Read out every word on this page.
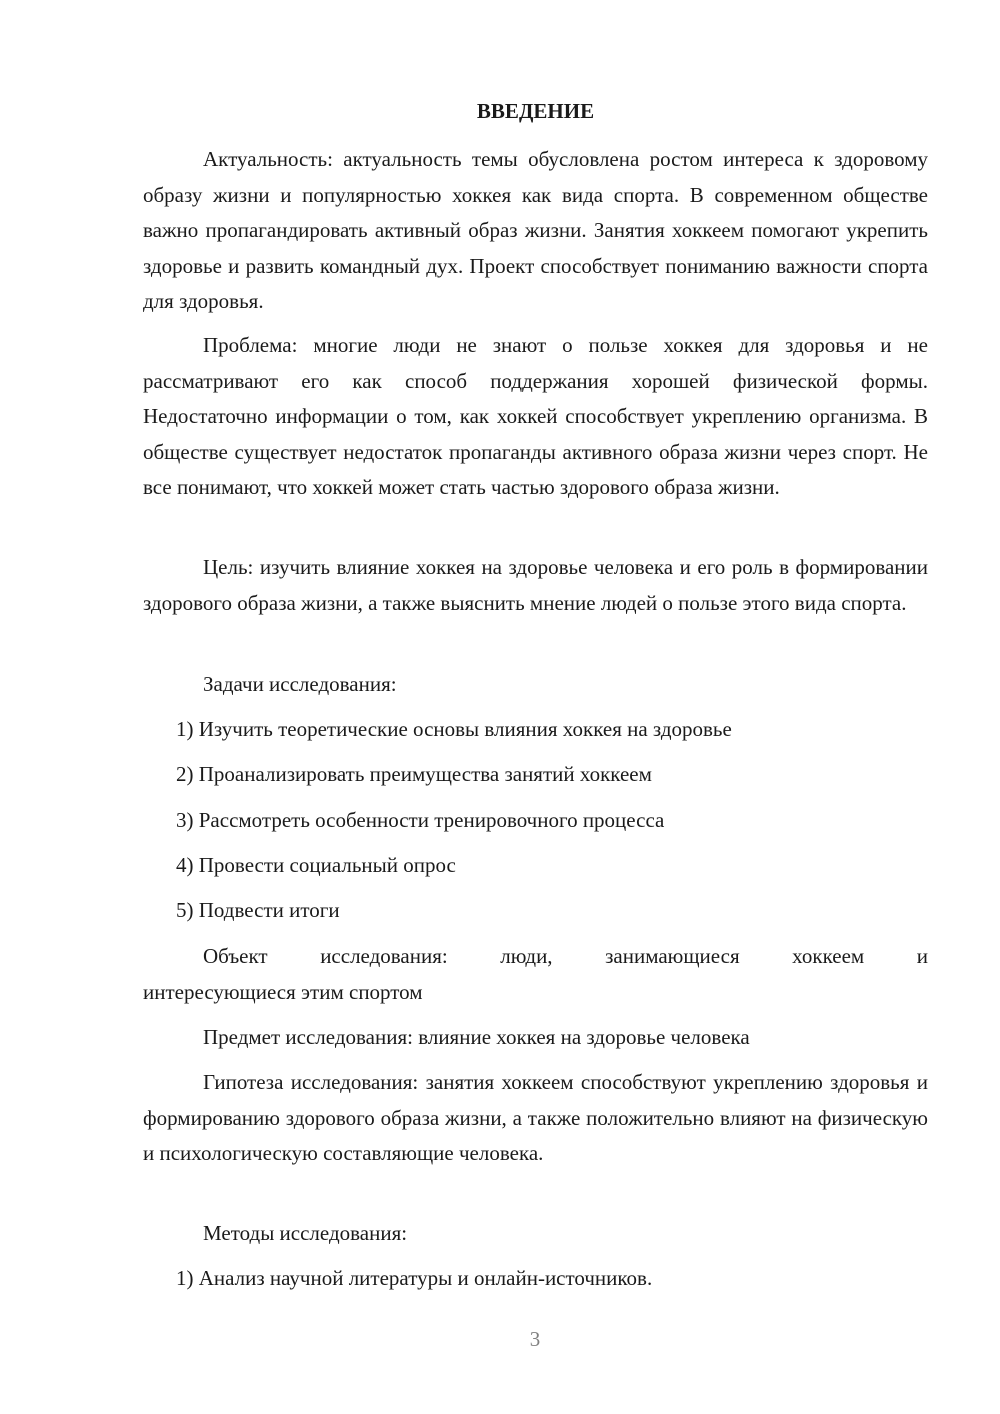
ВВЕДЕНИЕ

Актуальность: актуальность темы обусловлена ростом интереса к здоровому образу жизни и популярностью хоккея как вида спорта. В современном обществе важно пропагандировать активный образ жизни. Занятия хоккеем помогают укрепить здоровье и развить командный дух. Проект способствует пониманию важности спорта для здоровья.

Проблема: многие люди не знают о пользе хоккея для здоровья и не рассматривают его как способ поддержания хорошей физической формы. Недостаточно информации о том, как хоккей способствует укреплению организма. В обществе существует недостаток пропаганды активного образа жизни через спорт. Не все понимают, что хоккей может стать частью здорового образа жизни.

Цель: изучить влияние хоккея на здоровье человека и его роль в формировании здорового образа жизни, а также выяснить мнение людей о пользе этого вида спорта.

Задачи исследования:
1) Изучить теоретические основы влияния хоккея на здоровье
2) Проанализировать преимущества занятий хоккеем
3) Рассмотреть особенности тренировочного процесса
4) Провести социальный опрос
5) Подвести итоги
Объект	исследования:	люди,	занимающиеся	хоккеем	и
интересующиеся этим спортом
Предмет исследования: влияние хоккея на здоровье человека

Гипотеза исследования: занятия хоккеем способствуют укреплению здоровья и формированию здорового образа жизни, а также положительно влияют на физическую и психологическую составляющие человека.

Методы исследования:
1) Анализ научной литературы и онлайн-источников.
3
